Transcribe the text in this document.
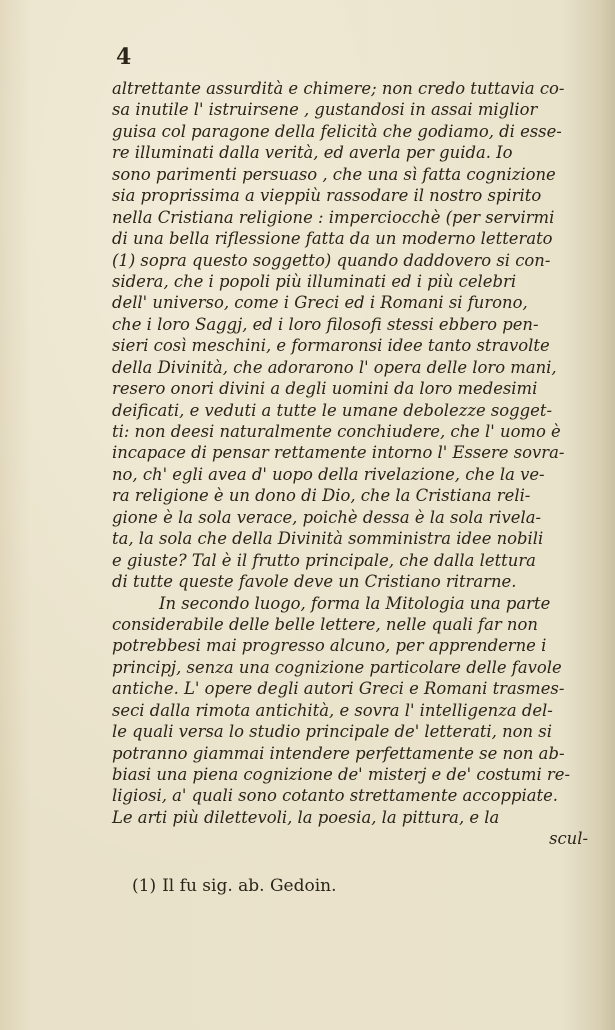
4
altrettante assurdità e chimere; non credo tuttavia co-
sa inutile l' istruirsene , gustandosi in assai miglior
guisa col paragone della felicità che godiamo, di esse-
re illuminati dalla verità, ed averla per guida. Io
sono parimenti persuaso , che una sì fatta cognizione
sia proprissima a vieppiù rassodare il nostro spirito
nella Cristiana religione : imperciocchè (per servirmi
di una bella riflessione fatta da un moderno letterato
(1) sopra questo soggetto) quando daddovero si con-
sidera, che i popoli più illuminati ed i più celebri
dell' universo, come i Greci ed i Romani si furono,
che i loro Saggj, ed i loro filosofi stessi ebbero pen-
sieri così meschini, e formaronsi idee tanto stravolte
della Divinità, che adorarono l' opera delle loro mani,
resero onori divini a degli uomini da loro medesimi
deificati, e veduti a tutte le umane debolezze sogget-
ti: non deesi naturalmente conchiudere, che l' uomo è
incapace di pensar rettamente intorno l' Essere sovra-
no, ch' egli avea d' uopo della rivelazione, che la ve-
ra religione è un dono di Dio, che la Cristiana reli-
gione è la sola verace, poichè dessa è la sola rivela-
ta, la sola che della Divinità somministra idee nobili
e giuste? Tal è il frutto principale, che dalla lettura
di tutte queste favole deve un Cristiano ritrarne.
In secondo luogo, forma la Mitologia una parte
considerabile delle belle lettere, nelle quali far non
potrebbesi mai progresso alcuno, per apprenderne i
principj, senza una cognizione particolare delle favole
antiche. L' opere degli autori Greci e Romani trasmes-
seci dalla rimota antichità, e sovra l' intelligenza del-
le quali versa lo studio principale de' letterati, non si
potranno giammai intendere perfettamente se non ab-
biasi una piena cognizione de' misterj e de' costumi re-
ligiosi, a' quali sono cotanto strettamente accoppiate.
Le arti più dilettevoli, la poesia, la pittura, e la
scul-
(1) Il fu sig. ab. Gedoin.
